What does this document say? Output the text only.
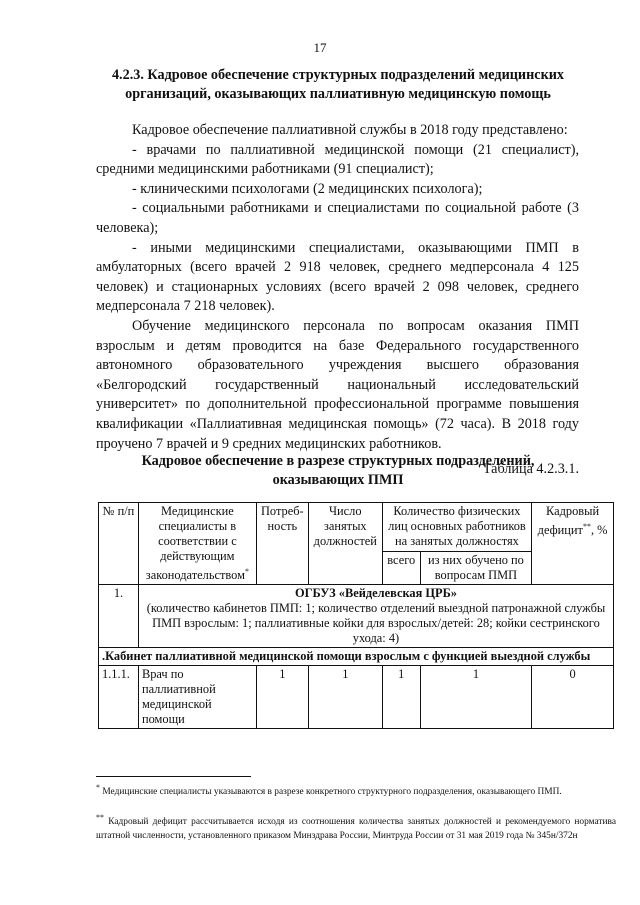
17
4.2.3. Кадровое обеспечение структурных подразделений медицинских организаций, оказывающих паллиативную медицинскую помощь

Кадровое обеспечение паллиативной службы в 2018 году представлено:

- врачами по паллиативной медицинской помощи (21 специалист), средними медицинскими работниками (91 специалист);

- клиническими психологами (2 медицинских психолога);

- социальными работниками и специалистами по социальной работе (3 человека);

- иными медицинскими специалистами, оказывающими ПМП в амбулаторных (всего врачей 2 918 человек, среднего медперсонала 4 125 человек) и стационарных условиях (всего врачей 2 098 человек, среднего медперсонала 7 218 человек).

Обучение медицинского персонала по вопросам оказания ПМП взрослым и детям проводится на базе Федерального государственного автономного образовательного учреждения высшего образования «Белгородский государственный национальный исследовательский университет» по дополнительной профессиональной программе повышения квалификации «Паллиативная медицинская помощь» (72 часа). В 2018 году проучено 7 врачей и 9 средних медицинских работников.

Таблица 4.2.3.1.

Кадровое обеспечение в разрезе структурных подразделений, оказывающих ПМП
№ п/п	Медицинские специалисты в соответствии с действующим законодательством*	Потреб-ность	Число занятых должностей	Количество физических лиц основных работников на занятых должностях		Кадровый дефицит**, %
				всего	из них обучено по вопросам ПМП	
1.	ОГБУЗ «Вейделевская ЦРБ»
(количество кабинетов ПМП: 1; количество отделений выездной патронажной службы ПМП взрослым: 1; паллиативные койки для взрослых/детей: 28; койки сестринского ухода: 4)					

.Кабинет паллиативной медицинской помощи взрослым с функцией выездной службы						
1.1.1.	Врач по паллиативной медицинской помощи	1	1	1	1	0
* Медицинские специалисты указываются в разрезе конкретного структурного подразделения, оказывающего ПМП.
** Кадровый дефицит рассчитывается исходя из соотношения количества занятых должностей и рекомендуемого норматива штатной численности, установленного приказом Минздрава России, Минтруда России от 31 мая 2019 года № 345н/372н
